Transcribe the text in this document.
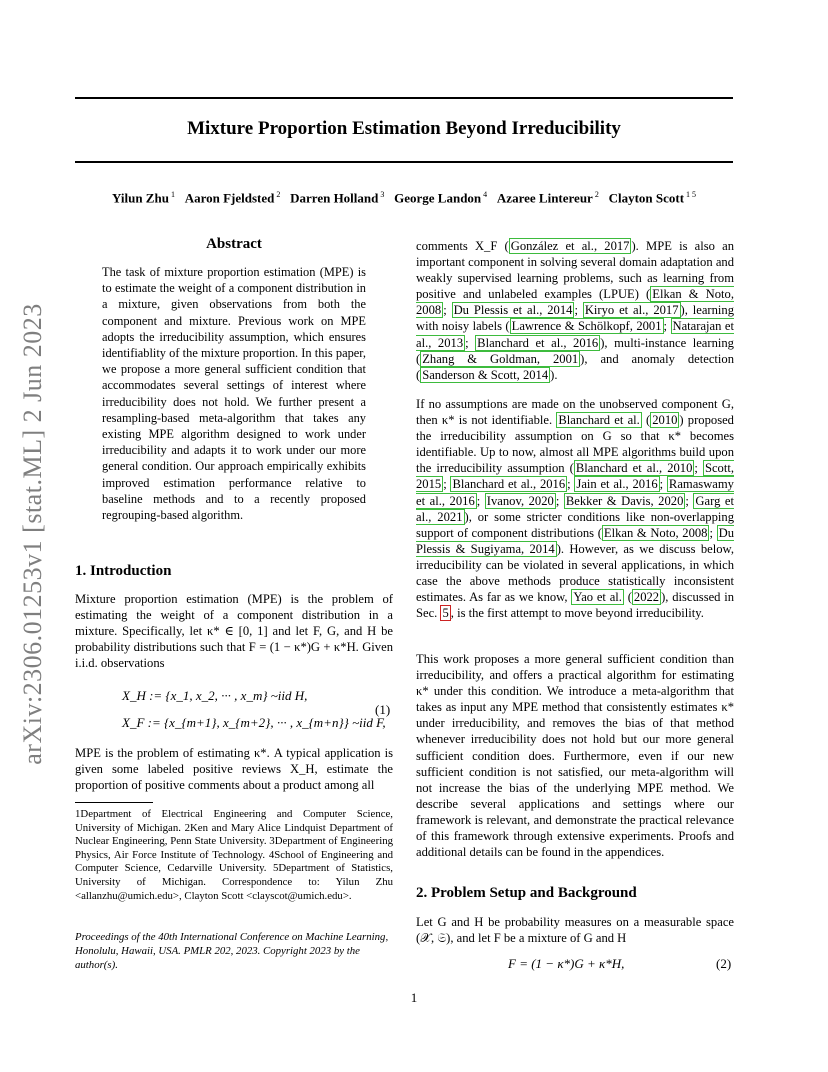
Mixture Proportion Estimation Beyond Irreducibility
arXiv:2306.01253v1 [stat.ML] 2 Jun 2023
Yilun Zhu $^1$ Aaron Fjeldsted $^2$ Darren Holland $^3$ George Landon $^4$ Azaree Lintereur $^2$ Clayton Scott $^{1 5}$
Abstract
The task of mixture proportion estimation (MPE) is to estimate the weight of a component distribution in a mixture, given observations from both the component and mixture. Previous work on MPE adopts the irreducibility assumption, which ensures identifiablity of the mixture proportion. In this paper, we propose a more general sufficient condition that accommodates several settings of interest where irreducibility does not hold. We further present a resampling-based meta-algorithm that takes any existing MPE algorithm designed to work under irreducibility and adapts it to work under our more general condition. Our approach empirically exhibits improved estimation performance relative to baseline methods and to a recently proposed regrouping-based algorithm.
1. Introduction
Mixture proportion estimation (MPE) is the problem of estimating the weight of a component distribution in a mixture. Specifically, let κ* ∈ [0, 1] and let F, G, and H be probability distributions such that F = (1 − κ*)G + κ*H. Given i.i.d. observations
X_H := {x_1, x_2, ··· , x_m} ~iid H,
X_F := {x_{m+1}, x_{m+2}, ··· , x_{m+n}} ~iid F,
(1)
MPE is the problem of estimating κ*. A typical application is given some labeled positive reviews X_H, estimate the proportion of positive comments about a product among all
1Department of Electrical Engineering and Computer Science, University of Michigan. 2Ken and Mary Alice Lindquist Department of Nuclear Engineering, Penn State University. 3Department of Engineering Physics, Air Force Institute of Technology. 4School of Engineering and Computer Science, Cedarville University. 5Department of Statistics, University of Michigan. Correspondence to: Yilun Zhu <allanzhu@umich.edu>, Clayton Scott <clayscot@umich.edu>.
Proceedings of the 40th International Conference on Machine Learning, Honolulu, Hawaii, USA. PMLR 202, 2023. Copyright 2023 by the author(s).
comments X_F ( González et al., 2017 ). MPE is also an important component in solving several domain adaptation and weakly supervised learning problems, such as learning from positive and unlabeled examples (LPUE) ( Elkan & Noto, 2008 ; Du Plessis et al., 2014 ; Kiryo et al., 2017 ), learning with noisy labels ( Lawrence & Schölkopf, 2001 ; Natarajan et al., 2013 ; Blanchard et al., 2016 ), multi-instance learning ( Zhang & Goldman, 2001 ), and anomaly detection ( Sanderson & Scott, 2014 ).
If no assumptions are made on the unobserved component G, then κ* is not identifiable. Blanchard et al. ( 2010 ) proposed the irreducibility assumption on G so that κ* becomes identifiable. Up to now, almost all MPE algorithms build upon the irreducibility assumption ( Blanchard et al., 2010 ; Scott, 2015 ; Blanchard et al., 2016 ; Jain et al., 2016 ; Ramaswamy et al., 2016 ; Ivanov, 2020 ; Bekker & Davis, 2020 ; Garg et al., 2021 ), or some stricter conditions like non-overlapping support of component distributions ( Elkan & Noto, 2008 ; Du Plessis & Sugiyama, 2014 ). However, as we discuss below, irreducibility can be violated in several applications, in which case the above methods produce statistically inconsistent estimates. As far as we know, Yao et al. ( 2022 ), discussed in Sec. 5 , is the first attempt to move beyond irreducibility.
This work proposes a more general sufficient condition than irreducibility, and offers a practical algorithm for estimating κ* under this condition. We introduce a meta-algorithm that takes as input any MPE method that consistently estimates κ* under irreducibility, and removes the bias of that method whenever irreducibility does not hold but our more general sufficient condition does. Furthermore, even if our new sufficient condition is not satisfied, our meta-algorithm will not increase the bias of the underlying MPE method. We describe several applications and settings where our framework is relevant, and demonstrate the practical relevance of this framework through extensive experiments. Proofs and additional details can be found in the appendices.
2. Problem Setup and Background
Let G and H be probability measures on a measurable space (𝒳, 𝔖), and let F be a mixture of G and H
F = (1 − κ*)G + κ*H,	(2)
1
